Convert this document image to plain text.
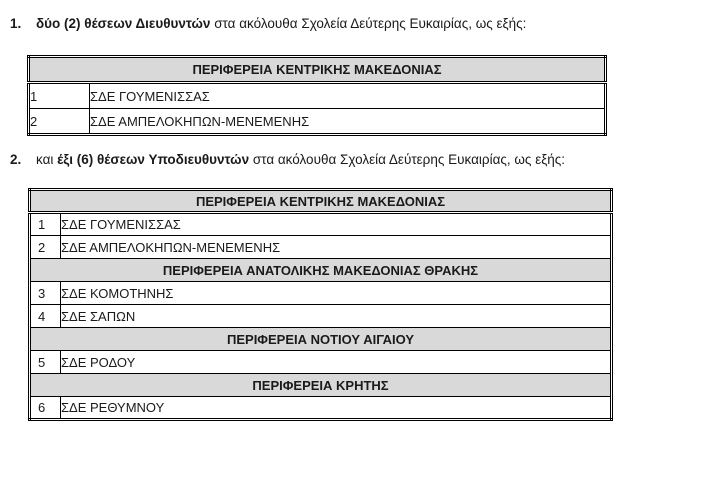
1.	δύο (2) θέσεων Διευθυντών στα ακόλουθα Σχολεία Δεύτερης Ευκαιρίας, ως εξής:
ΠΕΡΙΦΕΡΕΙΑ ΚΕΝΤΡΙΚΗΣ ΜΑΚΕΔΟΝΙΑΣ	
1	ΣΔΕ ΓΟΥΜΕΝΙΣΣΑΣ
2	ΣΔΕ ΑΜΠΕΛΟΚΗΠΩΝ-ΜΕΝΕΜΕΝΗΣ
2.	και έξι (6) θέσεων Υποδιευθυντών στα ακόλουθα Σχολεία Δεύτερης Ευκαιρίας, ως εξής:
ΠΕΡΙΦΕΡΕΙΑ ΚΕΝΤΡΙΚΗΣ ΜΑΚΕΔΟΝΙΑΣ	
1	ΣΔΕ ΓΟΥΜΕΝΙΣΣΑΣ
2	ΣΔΕ ΑΜΠΕΛΟΚΗΠΩΝ-ΜΕΝΕΜΕΝΗΣ
ΠΕΡΙΦΕΡΕΙΑ ΑΝΑΤΟΛΙΚΗΣ ΜΑΚΕΔΟΝΙΑΣ ΘΡΑΚΗΣ	
3	ΣΔΕ ΚΟΜΟΤΗΝΗΣ
4	ΣΔΕ ΣΑΠΩΝ
ΠΕΡΙΦΕΡΕΙΑ ΝΟΤΙΟΥ ΑΙΓΑΙΟΥ	
5	ΣΔΕ ΡΟΔΟΥ
ΠΕΡΙΦΕΡΕΙΑ ΚΡΗΤΗΣ	
6	ΣΔΕ ΡΕΘΥΜΝΟΥ
